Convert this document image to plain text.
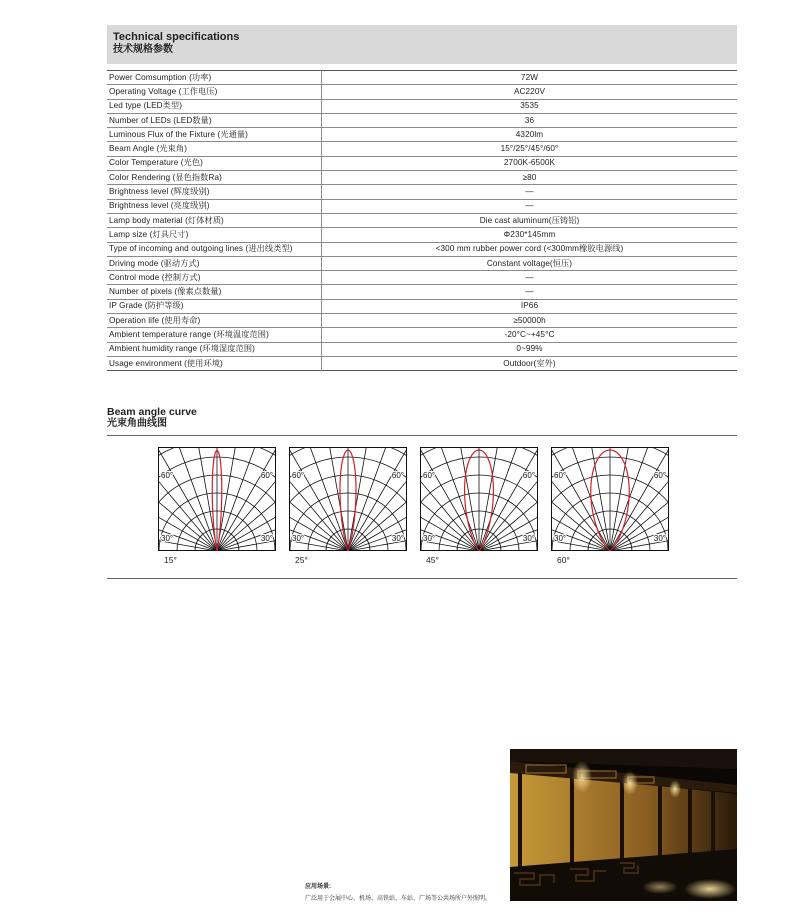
Technical specifications
技术规格参数
Power Comsumption (功率)	72W
Operating Voltage (工作电压)	AC220V
Led type (LED类型)	3535
Number of LEDs (LED数量)	36
Luminous Flux of the Fixture (光通量)	4320lm
Beam Angle (光束角)	15°/25°/45°/60°
Color Temperature (光色)	2700K-6500K
Color Rendering (显色指数Ra)	≥80
Brightness level (辉度级别)	—
Brightness level (亮度级别)	—
Lamp body material (灯体材质)	Die cast aluminum(压铸铝)
Lamp size (灯具尺寸)	Φ230*145mm
Type of incoming and outgoing lines (进出线类型)	<300 mm rubber power cord (<300mm橡胶电源线)
Driving mode (驱动方式)	Constant voltage(恒压)
Control mode (控制方式)	—
Number of pixels (像素点数量)	—
IP Grade (防护等级)	IP66
Operation life (使用寿命)	≥50000h
Ambient temperature range (环境温度范围)	-20°C~+45°C
Ambient humidity range (环境湿度范围)	0~99%
Usage environment (使用环境)	Outdoor(室外)
Beam angle curve
光束角曲线图
60°	60°
30°	30°
15°
60°	60°
30°	30°
25°
60°	60°
30°	30°
45°
60°	60°
30°	30°
60°
应用场景:
广泛用于会展中心、机场、高铁站、车站、广场等公共场所户外照明。
